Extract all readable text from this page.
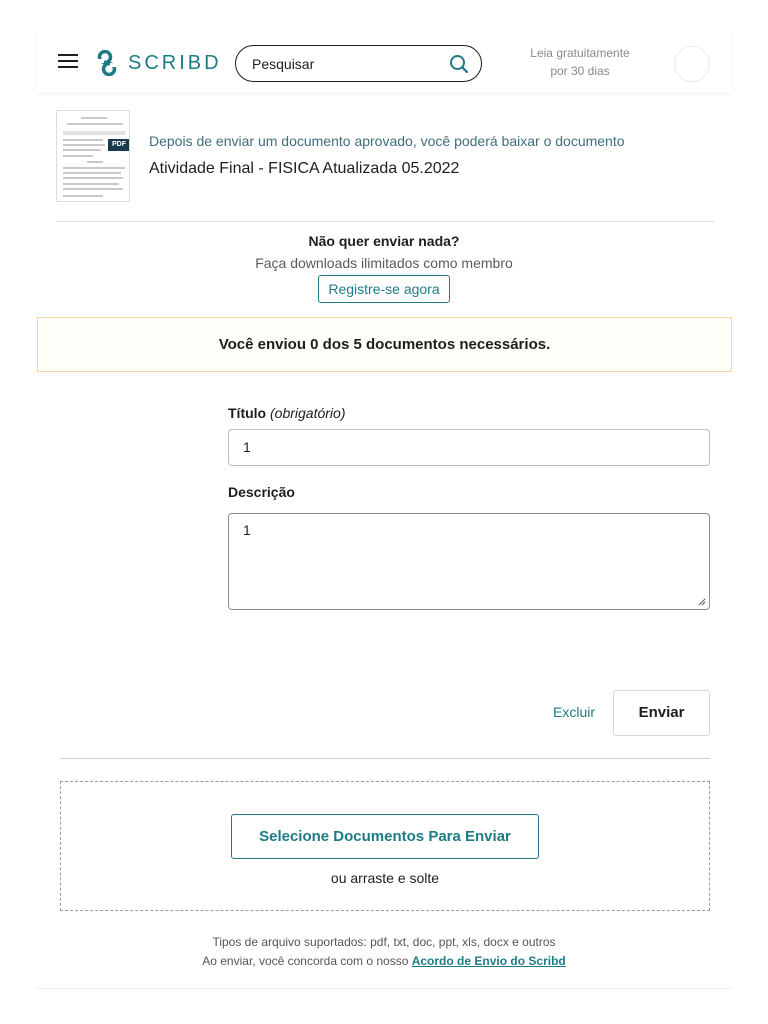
SCRIBD
Pesquisar	Leia gratuitamente
por 30 dias
PDF Depois de enviar um documento aprovado, você poderá baixar o documento
Atividade Final - FISICA Atualizada 05.2022
Não quer enviar nada?
Faça downloads ilimitados como membro
Registre-se agora
Você enviou 0 dos 5 documentos necessários.
Título (obrigatório)
1
Descrição
1
Excluir	Enviar
Selecione Documentos Para Enviar
ou arraste e solte
Tipos de arquivo suportados: pdf, txt, doc, ppt, xls, docx e outros
Ao enviar, você concorda com o nosso Acordo de Envio do Scribd
